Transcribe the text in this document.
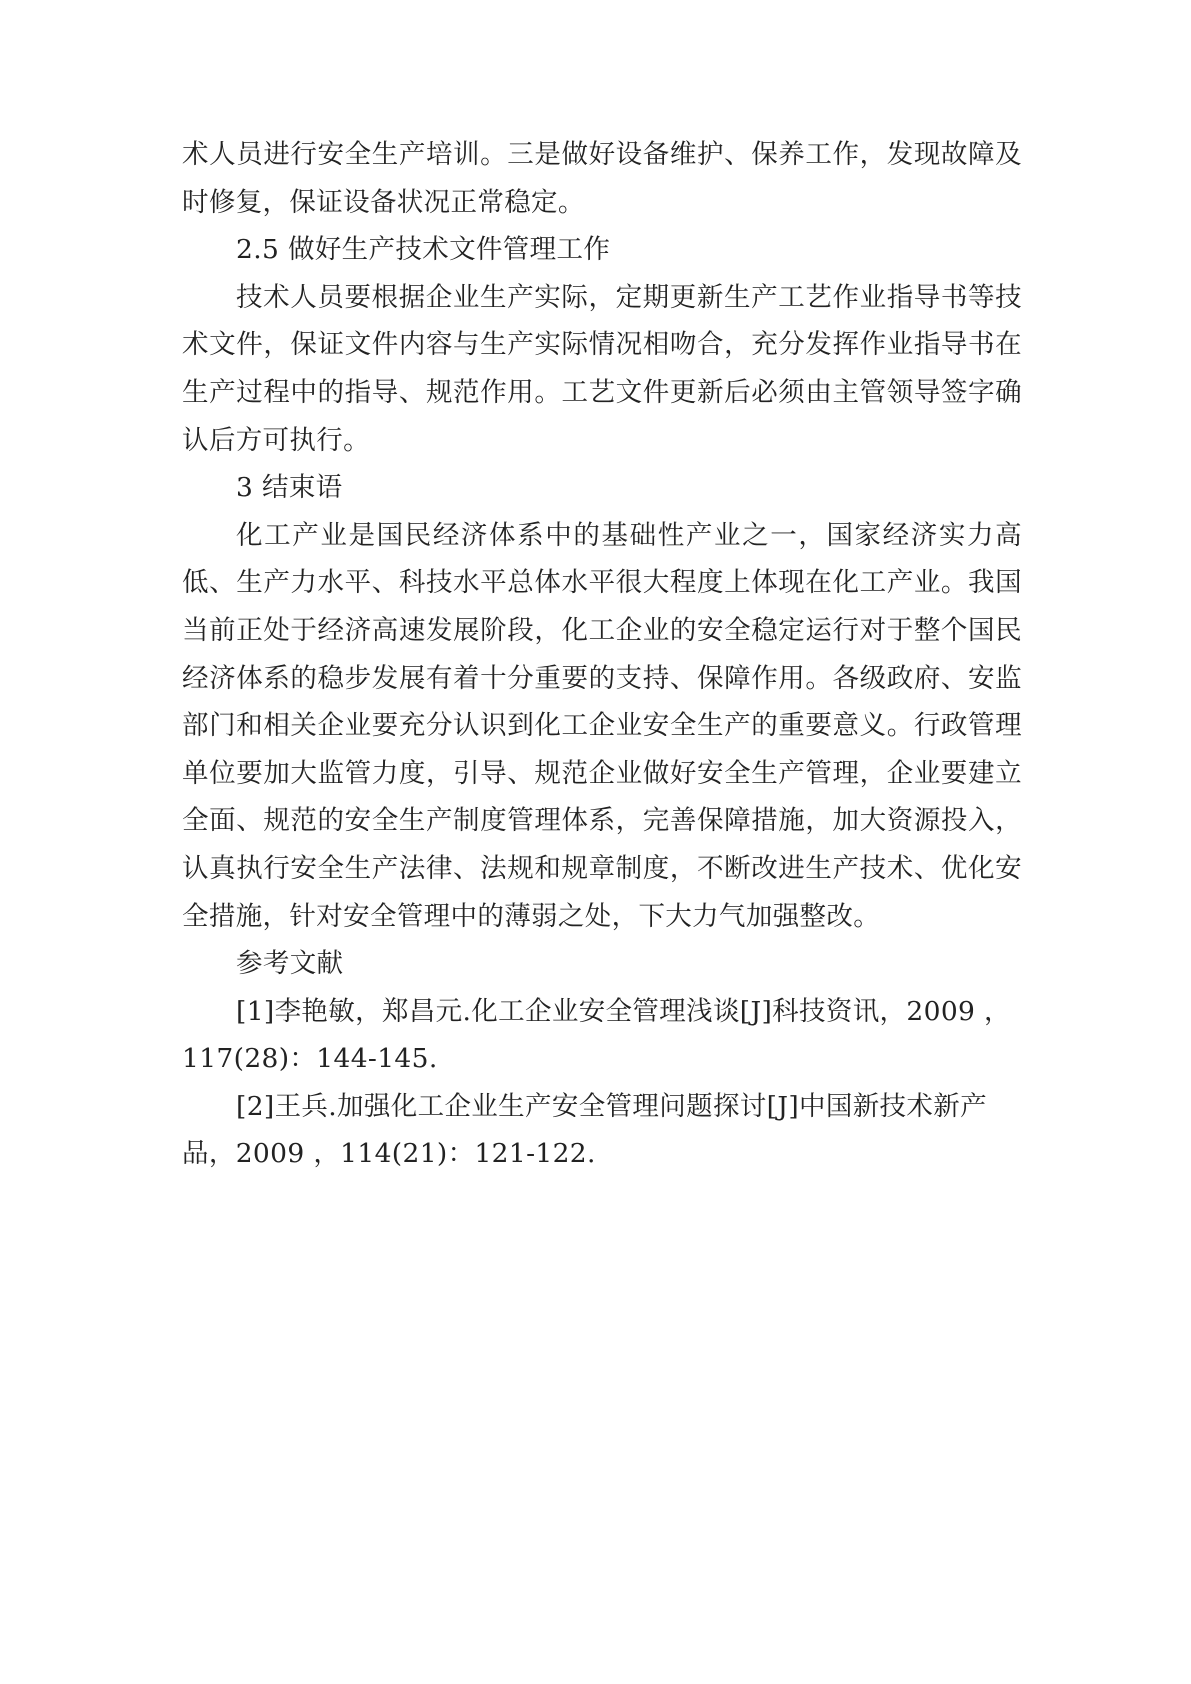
术人员进行安全生产培训。三是做好设备维护、保养工作，发现故障及时修复，保证设备状况正常稳定。

2.5 做好生产技术文件管理工作

技术人员要根据企业生产实际，定期更新生产工艺作业指导书等技术文件，保证文件内容与生产实际情况相吻合，充分发挥作业指导书在生产过程中的指导、规范作用。工艺文件更新后必须由主管领导签字确认后方可执行。

3 结束语

化工产业是国民经济体系中的基础性产业之一，国家经济实力高低、生产力水平、科技水平总体水平很大程度上体现在化工产业。我国当前正处于经济高速发展阶段，化工企业的安全稳定运行对于整个国民经济体系的稳步发展有着十分重要的支持、保障作用。各级政府、安监部门和相关企业要充分认识到化工企业安全生产的重要意义。行政管理单位要加大监管力度，引导、规范企业做好安全生产管理，企业要建立全面、规范的安全生产制度管理体系，完善保障措施，加大资源投入，认真执行安全生产法律、法规和规章制度，不断改进生产技术、优化安全措施，针对安全管理中的薄弱之处，下大力气加强整改。

参考文献

[1]李艳敏，郑昌元.化工企业安全管理浅谈[J]科技资讯，2009 ，117(28)：144-145.

[2]王兵.加强化工企业生产安全管理问题探讨[J]中国新技术新产品，2009 ，114(21)：121-122.
